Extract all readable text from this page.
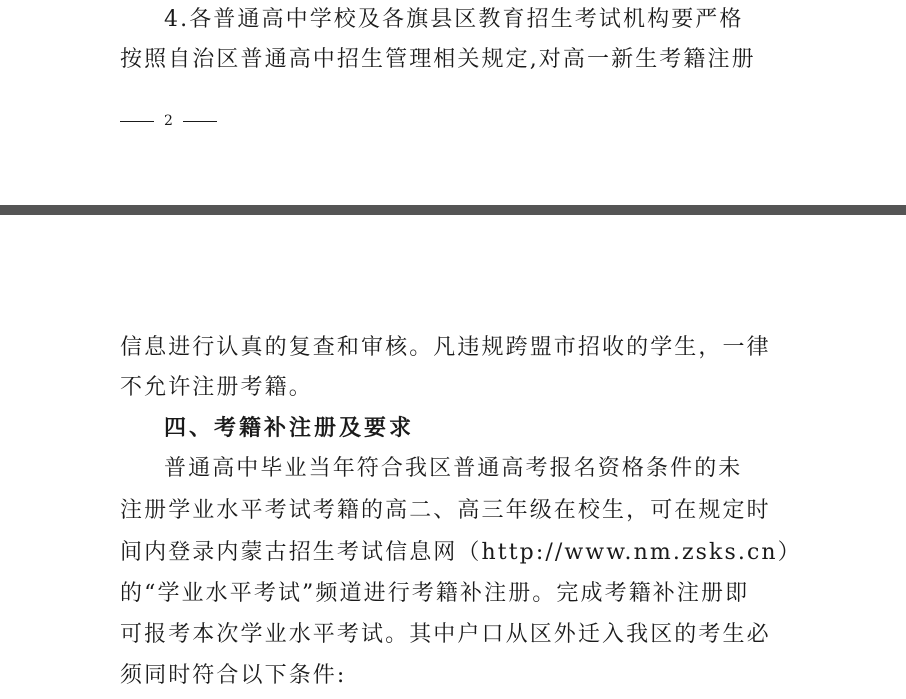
4.各普通高中学校及各旗县区教育招生考试机构要严格
按照自治区普通高中招生管理相关规定,对高一新生考籍注册
2
信息进行认真的复查和审核。凡违规跨盟市招收的学生，一律
不允许注册考籍。
四、考籍补注册及要求
普通高中毕业当年符合我区普通高考报名资格条件的未
注册学业水平考试考籍的高二、高三年级在校生，可在规定时
间内登录内蒙古招生考试信息网（http://www.nm.zsks.cn）
的“学业水平考试”频道进行考籍补注册。完成考籍补注册即
可报考本次学业水平考试。其中户口从区外迁入我区的考生必
须同时符合以下条件:
